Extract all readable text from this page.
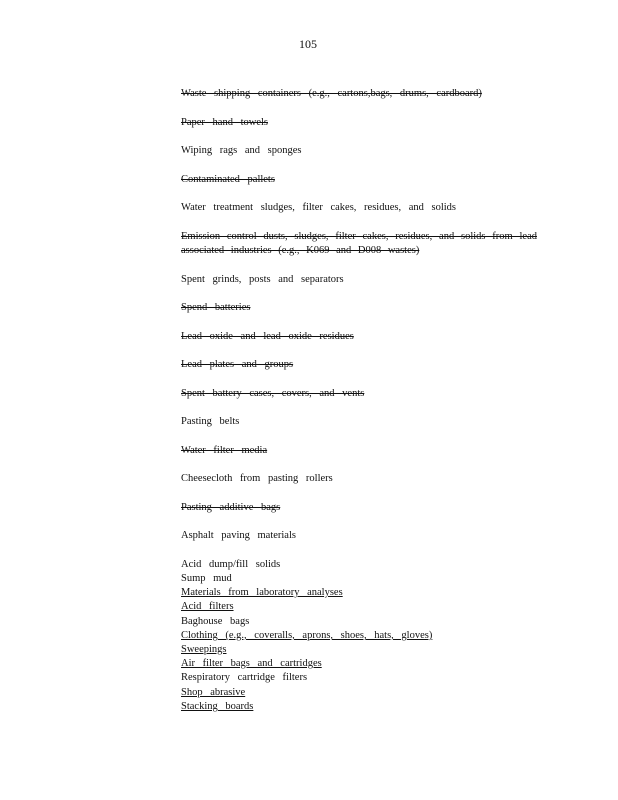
105
Waste shipping containers (e.g., cartons,bags, drums, cardboard)
Paper hand towels
Wiping rags and sponges
Contaminated pallets
Water treatment sludges, filter cakes, residues, and solids
Emission control dusts, sludges, filter cakes, residues, and solids from lead associated industries (e.g., K069 and D008 wastes)
Spent grinds, posts and separators
Spend batteries
Lead oxide and lead oxide residues
Lead plates and groups
Spent battery cases, covers, and vents
Pasting belts
Water filter media
Cheesecloth from pasting rollers
Pasting additive bags
Asphalt paving materials
Acid dump/fill solids
Sump mud
Materials from laboratory analyses
Acid filters
Baghouse bags
Clothing (e.g., coveralls, aprons, shoes, hats, gloves)
Sweepings
Air filter bags and cartridges
Respiratory cartridge filters
Shop abrasive
Stacking boards
